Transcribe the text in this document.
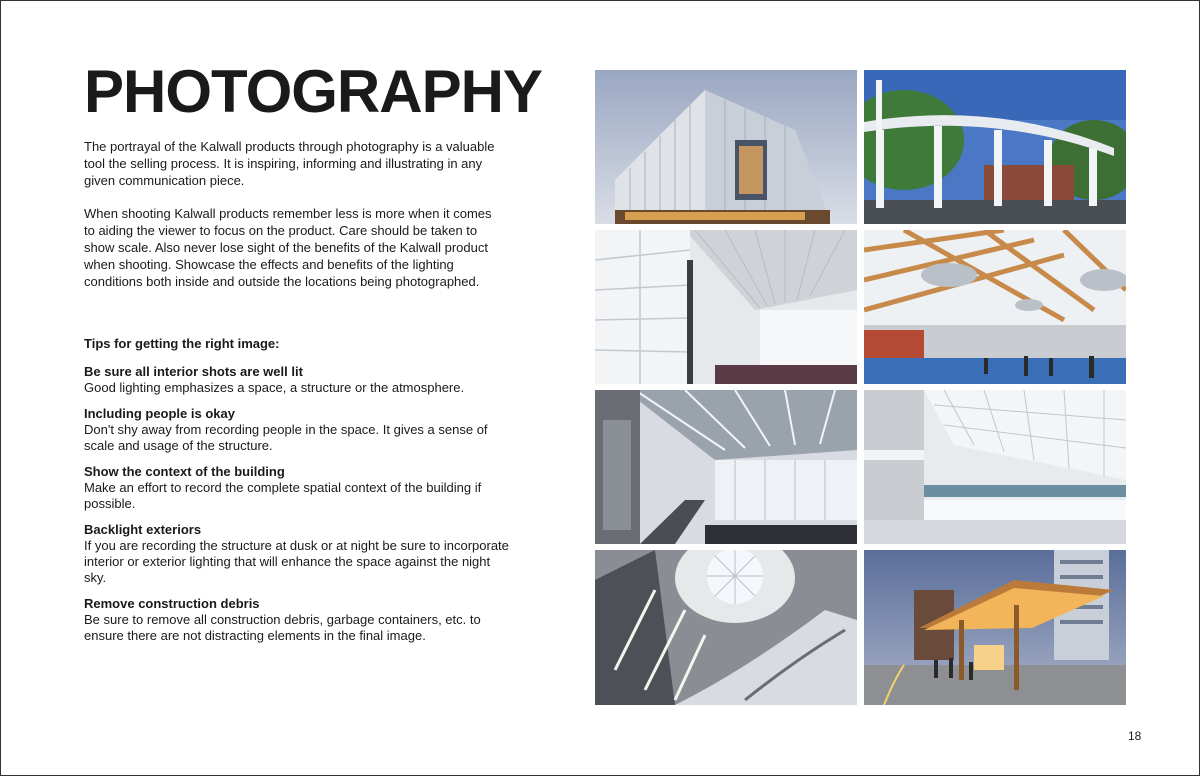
PHOTOGRAPHY

The portrayal of the Kalwall products through photography is a valuable tool the selling process. It is inspiring, informing and illustrating in any given communication piece.

When shooting Kalwall products remember less is more when it comes to aiding the viewer to focus on the product. Care should be taken to show scale. Also never lose sight of the benefits of the Kalwall product when shooting. Showcase the effects and benefits of the lighting conditions both inside and outside the locations being photographed.

Tips for getting the right image:
Be sure all interior shots are well lit
Good lighting emphasizes a space, a structure or the atmosphere.
Including people is okay
Don't shy away from recording people in the space. It gives a sense of scale and usage of the structure.
Show the context of the building
Make an effort to record the complete spatial context of the building if possible.
Backlight exteriors
If you are recording the structure at dusk or at night be sure to incorporate interior or exterior lighting that will enhance the space against the night sky.
Remove construction debris
Be sure to remove all construction debris, garbage containers, etc. to ensure there are not distracting elements in the final image.
18
